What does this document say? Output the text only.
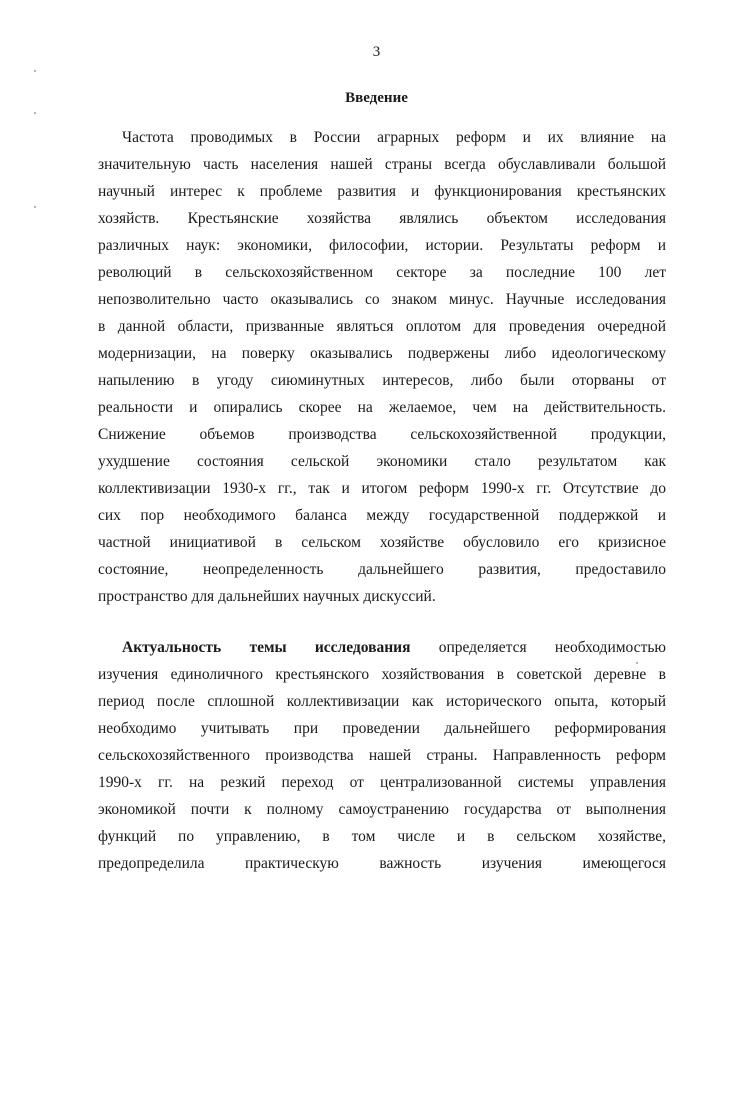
3
Введение
Частота проводимых в России аграрных реформ и их влияние на
значительную часть населения нашей страны всегда обуславливали большой
научный интерес к проблеме развития и функционирования крестьянских
хозяйств. Крестьянские хозяйства являлись объектом исследования
различных наук: экономики, философии, истории. Результаты реформ и
революций в сельскохозяйственном секторе за последние 100 лет
непозволительно часто оказывались со знаком минус. Научные исследования
в данной области, призванные являться оплотом для проведения очередной
модернизации, на поверку оказывались подвержены либо идеологическому
напылению в угоду сиюминутных интересов, либо были оторваны от
реальности и опирались скорее на желаемое, чем на действительность.
Снижение объемов производства сельскохозяйственной продукции,
ухудшение состояния сельской экономики стало результатом как
коллективизации 1930-х гг., так и итогом реформ 1990-х гг. Отсутствие до
сих пор необходимого баланса между государственной поддержкой и
частной инициативой в сельском хозяйстве обусловило его кризисное
состояние, неопределенность дальнейшего развития, предоставило
пространство для дальнейших научных дискуссий.
Актуальность темы исследования определяется необходимостью
изучения единоличного крестьянского хозяйствования в советской деревне в
период после сплошной коллективизации как исторического опыта, который
необходимо учитывать при проведении дальнейшего реформирования
сельскохозяйственного производства нашей страны. Направленность реформ
1990-х гг. на резкий переход от централизованной системы управления
экономикой почти к полному самоустранению государства от выполнения
функций по управлению, в том числе и в сельском хозяйстве,
предопределила практическую важность изучения имеющегося
